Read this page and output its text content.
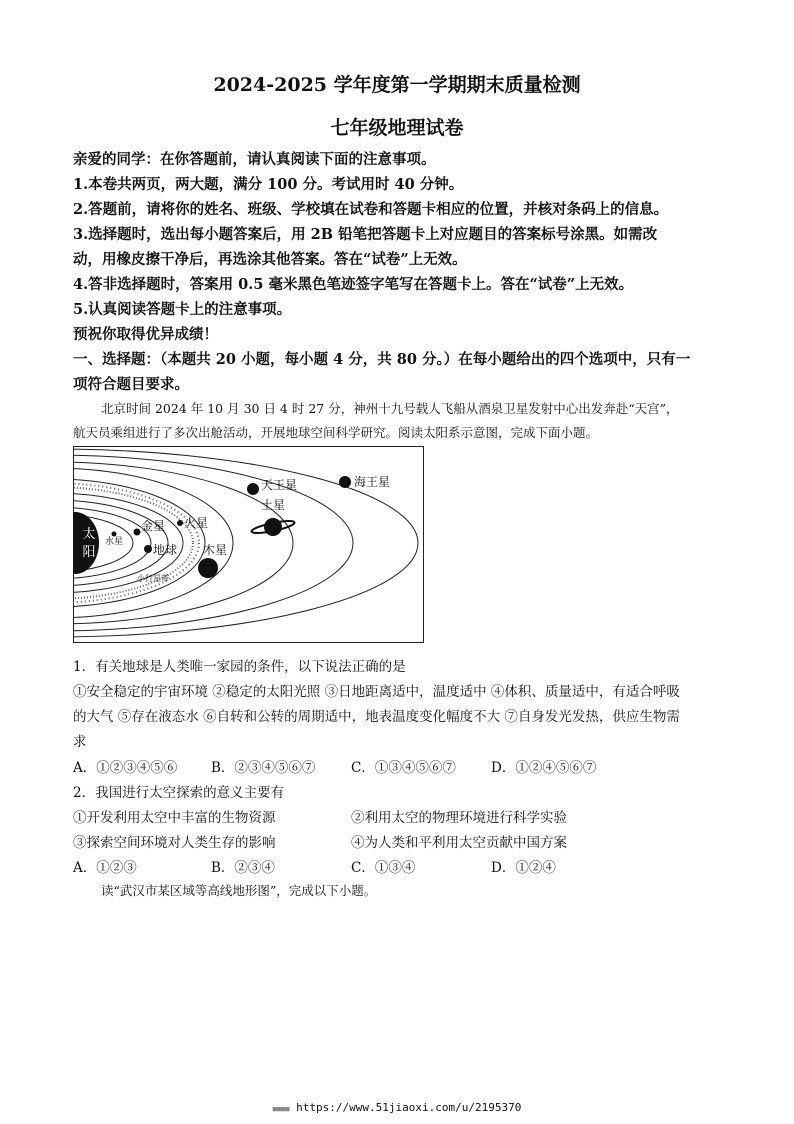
2024-2025 学年度第一学期期末质量检测
七年级地理试卷
亲爱的同学：在你答题前，请认真阅读下面的注意事项。
1.本卷共两页，两大题，满分 100 分。考试用时 40 分钟。
2.答题前，请将你的姓名、班级、学校填在试卷和答题卡相应的位置，并核对条码上的信息。
3.选择题时，选出每小题答案后，用 2B 铅笔把答题卡上对应题目的答案标号涂黑。如需改
动，用橡皮擦干净后，再选涂其他答案。答在“试卷”上无效。
4.答非选择题时，答案用 0.5 毫米黑色笔迹签字笔写在答题卡上。答在“试卷”上无效。
5.认真阅读答题卡上的注意事项。
预祝你取得优异成绩！
一、选择题：（本题共 20 小题，每小题 4 分，共 80 分。）在每小题给出的四个选项中，只有一
项符合题目要求。
北京时间 2024 年 10 月 30 日 4 时 27 分，神州十九号载人飞船从酒泉卫星发射中心出发奔赴“天宫”，
航天员乘组进行了多次出舱活动，开展地球空间科学研究。阅读太阳系示意图，完成下面小题。
太
阳
水星
金星
地球
火星
小行星带
木星
土 星
天王星	海王星
1．有关地球是人类唯一家园的条件，以下说法正确的是
①安全稳定的宇宙环境 ②稳定的太阳光照 ③日地距离适中，温度适中 ④体积、质量适中，有适合呼吸
的大气 ⑤存在液态水 ⑥自转和公转的周期适中，地表温度变化幅度不大 ⑦自身发光发热，供应生物需
求
A．①②③④⑤⑥	B．②③④⑤⑥⑦	C．①③④⑤⑥⑦	D．①②④⑤⑥⑦
2．我国进行太空探索的意义主要有
①开发利用太空中丰富的生物资源	②利用太空的物理环境进行科学实验
③探索空间环境对人类生存的影响	④为人类和平利用太空贡献中国方案
A．①②③	B．②③④	C．①③④	D．①②④
读“武汉市某区域等高线地形图”，完成以下小题。
■■■■ https://www.51jiaoxi.com/u/2195370
